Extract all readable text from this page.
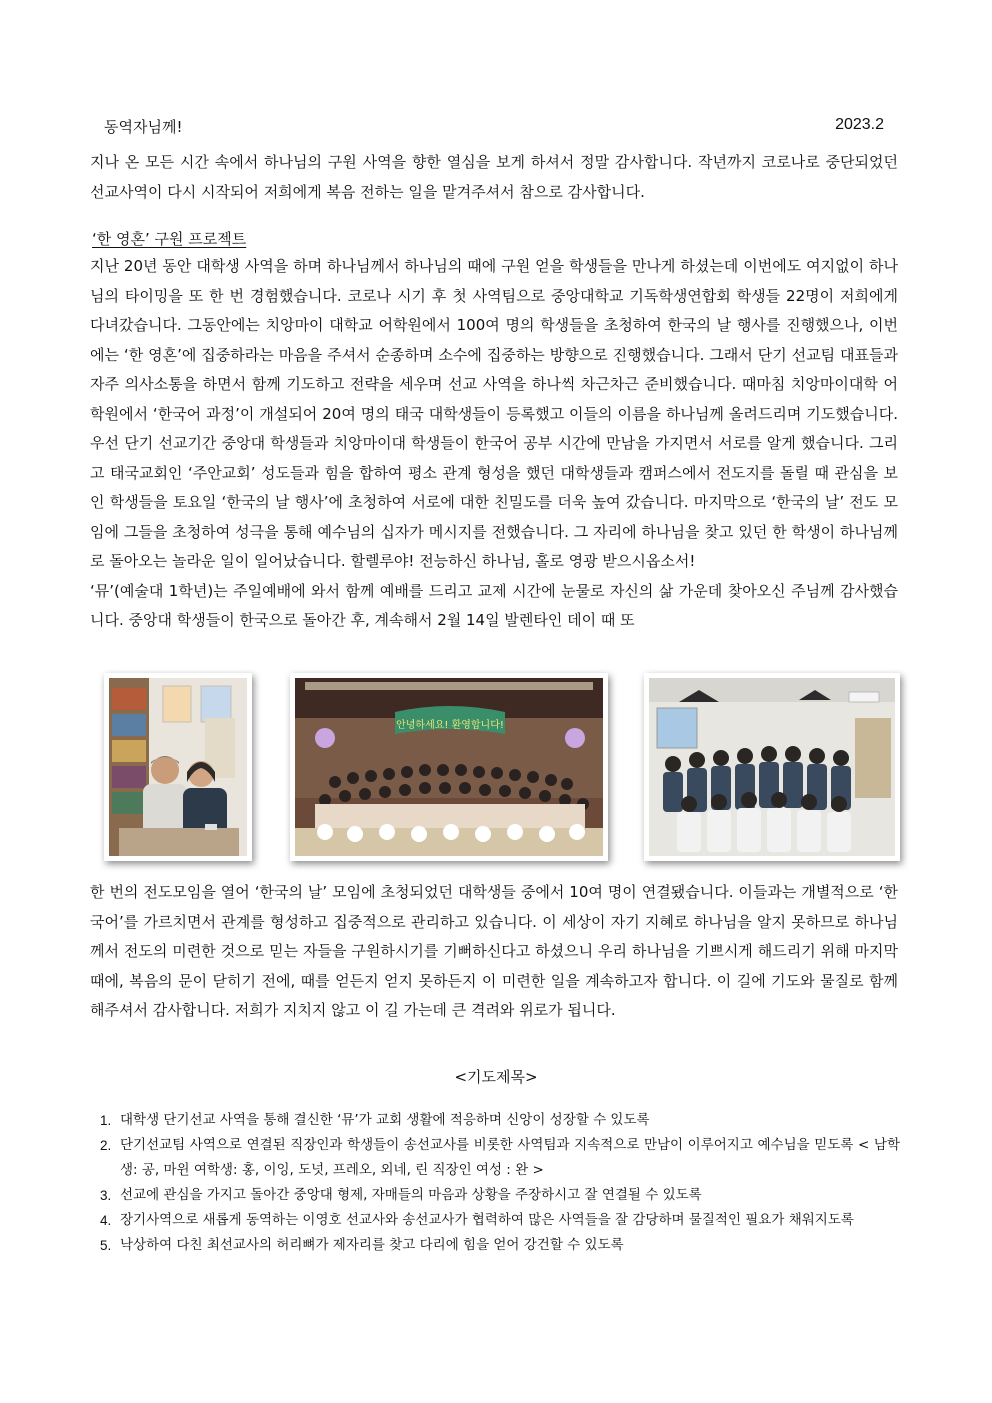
동역자님께!	2023.2

지나 온 모든 시간 속에서 하나님의 구원 사역을 향한 열심을 보게 하셔서 정말 감사합니다. 작년까지 코로나로 중단되었던 선교사역이 다시 시작되어 저희에게 복음 전하는 일을 맡겨주셔서 참으로 감사합니다.

‘한 영혼’ 구원 프로젝트

지난 20년 동안 대학생 사역을 하며 하나님께서 하나님의 때에 구원 얻을 학생들을 만나게 하셨는데 이번에도 여지없이 하나님의 타이밍을 또 한 번 경험했습니다. 코로나 시기 후 첫 사역팀으로 중앙대학교 기독학생연합회 학생들 22명이 저희에게 다녀갔습니다. 그동안에는 치앙마이 대학교 어학원에서 100여 명의 학생들을 초청하여 한국의 날 행사를 진행했으나, 이번에는 ‘한 영혼’에 집중하라는 마음을 주셔서 순종하며 소수에 집중하는 방향으로 진행했습니다. 그래서 단기 선교팀 대표들과 자주 의사소통을 하면서 함께 기도하고 전략을 세우며 선교 사역을 하나씩 차근차근 준비했습니다. 때마침 치앙마이대학 어학원에서 ‘한국어 과정’이 개설되어 20여 명의 태국 대학생들이 등록했고 이들의 이름을 하나님께 올려드리며 기도했습니다. 우선 단기 선교기간 중앙대 학생들과 치앙마이대 학생들이 한국어 공부 시간에 만남을 가지면서 서로를 알게 했습니다. 그리고 태국교회인 ‘주안교회’ 성도들과 힘을 합하여 평소 관계 형성을 했던 대학생들과 캠퍼스에서 전도지를 돌릴 때 관심을 보인 학생들을 토요일 ‘한국의 날 행사’에 초청하여 서로에 대한 친밀도를 더욱 높여 갔습니다. 마지막으로 ‘한국의 날’ 전도 모임에 그들을 초청하여 성극을 통해 예수님의 십자가 메시지를 전했습니다. 그 자리에 하나님을 찾고 있던 한 학생이 하나님께로 돌아오는 놀라운 일이 일어났습니다. 할렐루야! 전능하신 하나님, 홀로 영광 받으시옵소서!
‘뮤’(예술대 1학년)는 주일예배에 와서 함께 예배를 드리고 교제 시간에 눈물로 자신의 삶 가운데 찾아오신 주님께 감사했습니다. 중앙대 학생들이 한국으로 돌아간 후, 계속해서 2월 14일 발렌타인 데이 때 또
안녕하세요! 환영합니다!

한 번의 전도모임을 열어 ‘한국의 날’ 모임에 초청되었던 대학생들 중에서 10여 명이 연결됐습니다. 이들과는 개별적으로 ‘한국어’를 가르치면서 관계를 형성하고 집중적으로 관리하고 있습니다. 이 세상이 자기 지혜로 하나님을 알지 못하므로 하나님께서 전도의 미련한 것으로 믿는 자들을 구원하시기를 기뻐하신다고 하셨으니 우리 하나님을 기쁘시게 해드리기 위해 마지막 때에, 복음의 문이 닫히기 전에, 때를 얻든지 얻지 못하든지 이 미련한 일을 계속하고자 합니다. 이 길에 기도와 물질로 함께 해주셔서 감사합니다. 저희가 지치지 않고 이 길 가는데 큰 격려와 위로가 됩니다.

<기도제목>

1. 대학생 단기선교 사역을 통해 결신한 ‘뮤’가 교회 생활에 적응하며 신앙이 성장할 수 있도록
2. 단기선교팀 사역으로 연결된 직장인과 학생들이 송선교사를 비롯한 사역팀과 지속적으로 만남이 이루어지고 예수님을 믿도록 < 남학생: 공, 마윈 여학생: 홍, 이잉, 도넛, 프레오, 외네, 린 직장인 여성 : 완 >
3. 선교에 관심을 가지고 돌아간 중앙대 형제, 자매들의 마음과 상황을 주장하시고 잘 연결될 수 있도록
4. 장기사역으로 새롭게 동역하는 이영호 선교사와 송선교사가 협력하여 많은 사역들을 잘 감당하며 물질적인 필요가 채워지도록
5. 낙상하여 다친 최선교사의 허리뼈가 제자리를 찾고 다리에 힘을 얻어 강건할 수 있도록
